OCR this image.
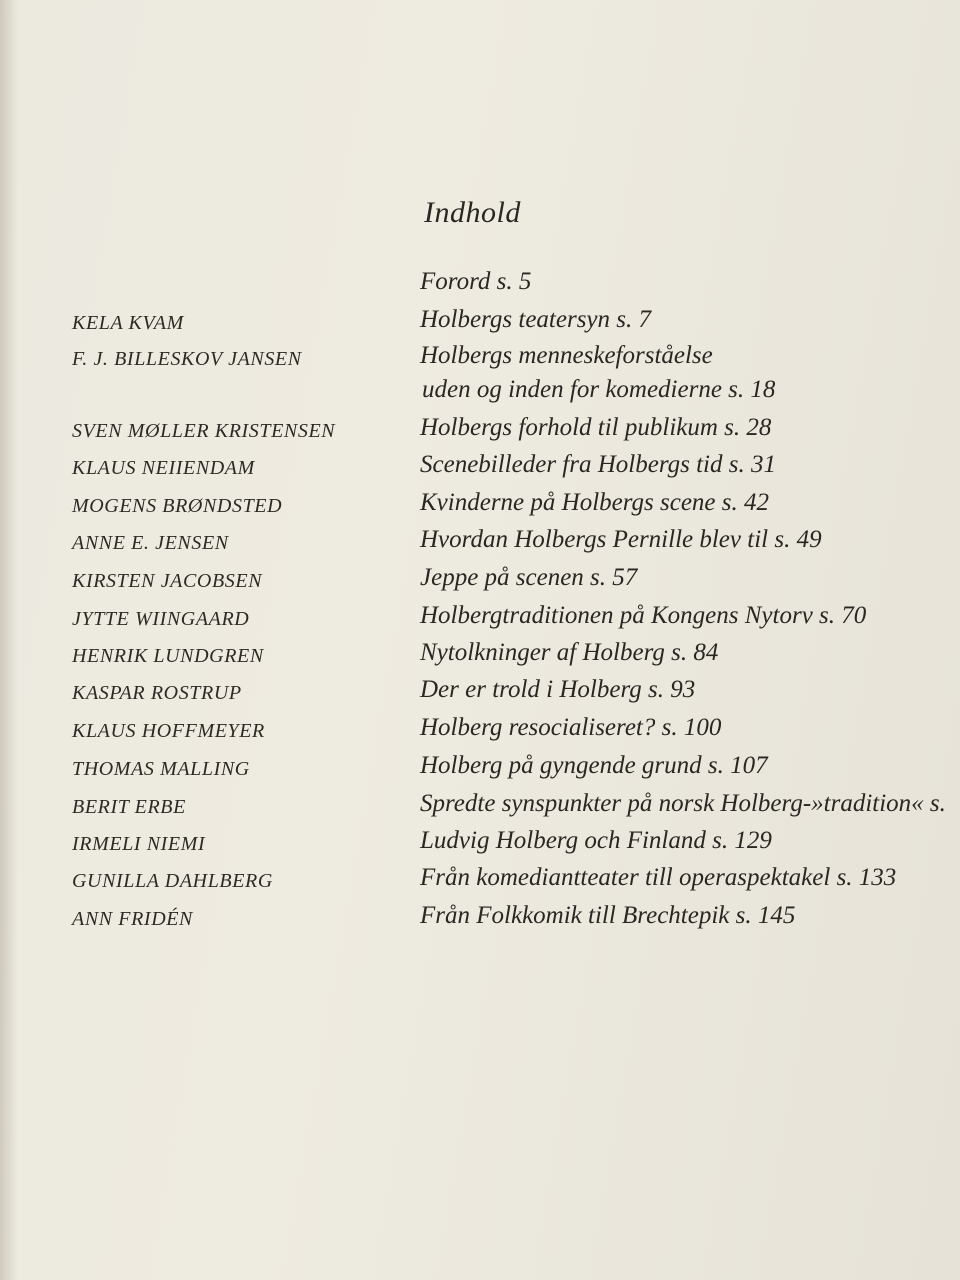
Indhold
Forord s. 5
KELA KVAM	Holbergs teatersyn s. 7
F. J. BILLESKOV JANSEN	Holbergs menneskeforståelse
uden og inden for komedierne s. 18
SVEN MØLLER KRISTENSEN	Holbergs forhold til publikum s. 28
KLAUS NEIIENDAM	Scenebilleder fra Holbergs tid s. 31
MOGENS BRØNDSTED	Kvinderne på Holbergs scene s. 42
ANNE E. JENSEN	Hvordan Holbergs Pernille blev til s. 49
KIRSTEN JACOBSEN	Jeppe på scenen s. 57
JYTTE WIINGAARD	Holbergtraditionen på Kongens Nytorv s. 70
HENRIK LUNDGREN	Nytolkninger af Holberg s. 84
KASPAR ROSTRUP	Der er trold i Holberg s. 93
KLAUS HOFFMEYER	Holberg resocialiseret? s. 100
THOMAS MALLING	Holberg på gyngende grund s. 107
BERIT ERBE	Spredte synspunkter på norsk Holberg-»tradition« s.
IRMELI NIEMI	Ludvig Holberg och Finland s. 129
GUNILLA DAHLBERG	Från komediantteater till operaspektakel s. 133
ANN FRIDÉN	Från Folkkomik till Brechtepik s. 145
